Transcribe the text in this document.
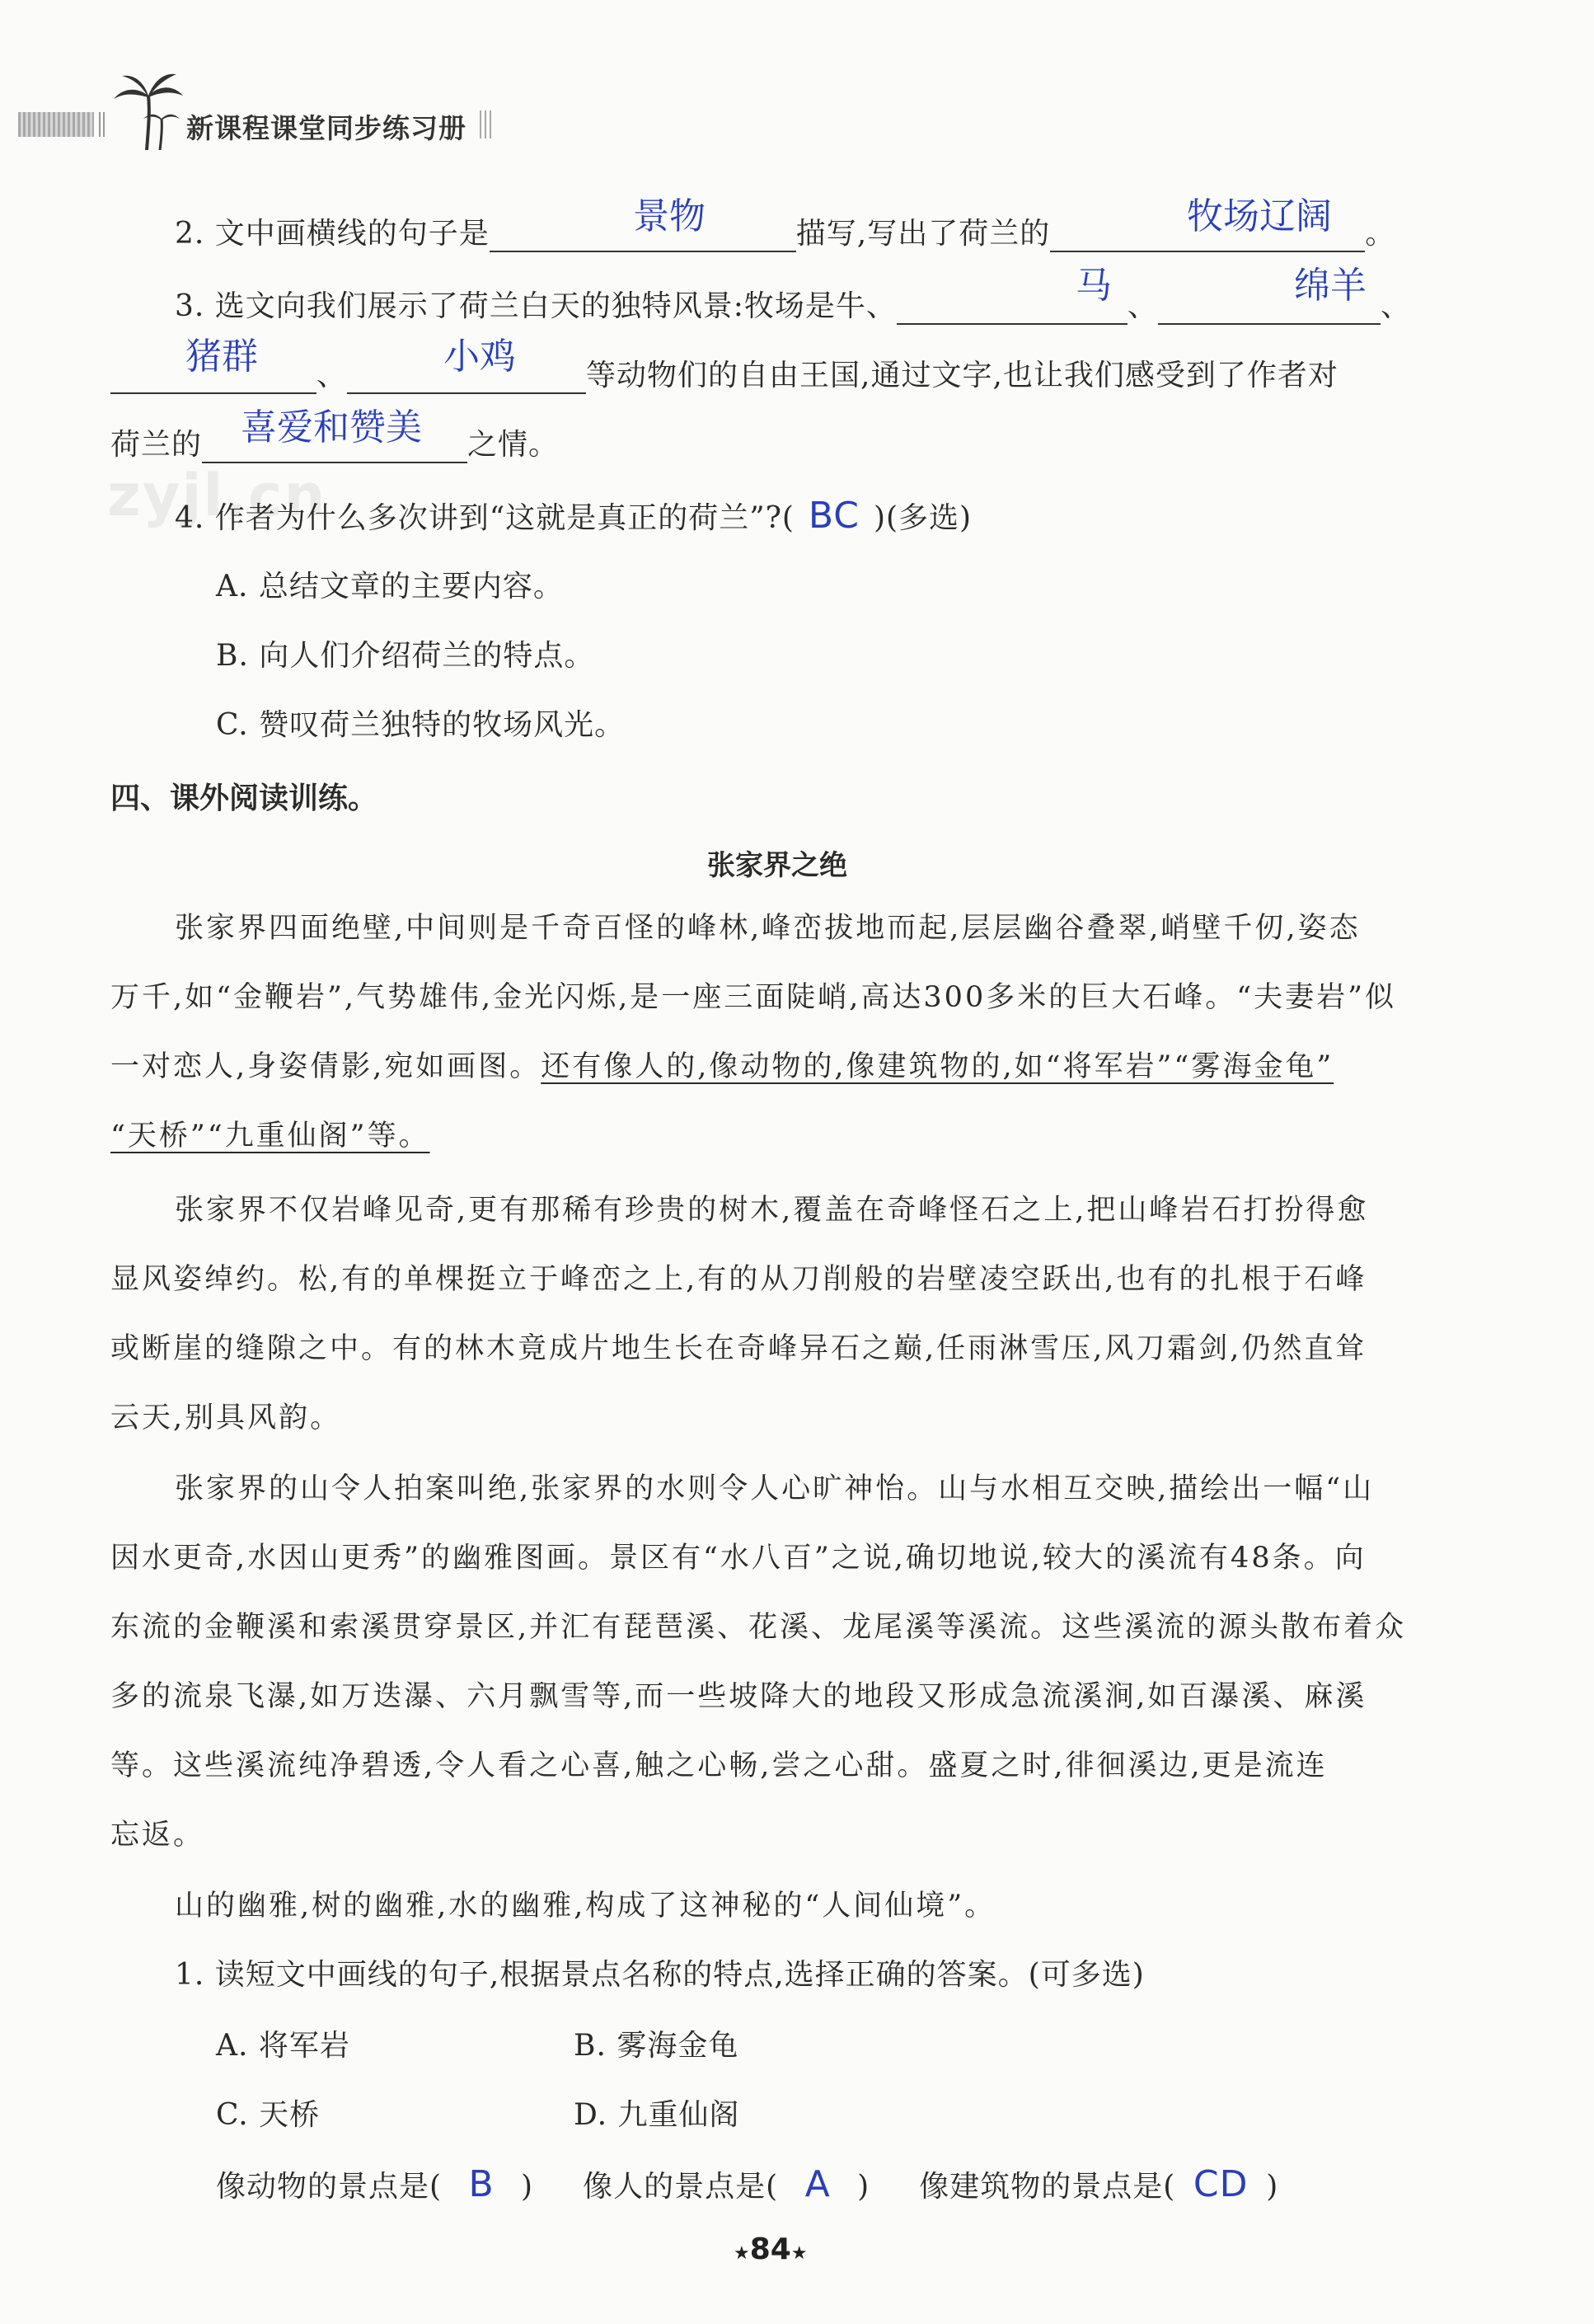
新课程课堂同步练习册
zyjl.cn
2. 文中画横线的句子是	描写,写出了荷兰的	。
景物	牧场辽阔
3. 选文向我们展示了荷兰白天的独特风景:牧场是牛、	、	、
马	绵羊
、	等动物们的自由王国,通过文字,也让我们感受到了作者对
猪群	小鸡
荷兰的	之情。
喜爱和赞美
4. 作者为什么多次讲到“这就是真正的荷兰”?( BC )(多选)
A. 总结文章的主要内容。
B. 向人们介绍荷兰的特点。
C. 赞叹荷兰独特的牧场风光。
四、课外阅读训练。
张家界之绝
张家界四面绝壁,中间则是千奇百怪的峰林,峰峦拔地而起,层层幽谷叠翠,峭壁千仞,姿态
万千,如“金鞭岩”,气势雄伟,金光闪烁,是一座三面陡峭,高达300多米的巨大石峰。“夫妻岩”似
一对恋人,身姿倩影,宛如画图。还有像人的,像动物的,像建筑物的,如“将军岩”“雾海金龟”
“天桥”“九重仙阁”等。
张家界不仅岩峰见奇,更有那稀有珍贵的树木,覆盖在奇峰怪石之上,把山峰岩石打扮得愈
显风姿绰约。松,有的单棵挺立于峰峦之上,有的从刀削般的岩壁凌空跃出,也有的扎根于石峰
或断崖的缝隙之中。有的林木竟成片地生长在奇峰异石之巅,任雨淋雪压,风刀霜剑,仍然直耸
云天,别具风韵。
张家界的山令人拍案叫绝,张家界的水则令人心旷神怡。山与水相互交映,描绘出一幅“山
因水更奇,水因山更秀”的幽雅图画。景区有“水八百”之说,确切地说,较大的溪流有48条。向
东流的金鞭溪和索溪贯穿景区,并汇有琵琶溪、花溪、龙尾溪等溪流。这些溪流的源头散布着众
多的流泉飞瀑,如万迭瀑、六月飘雪等,而一些坡降大的地段又形成急流溪涧,如百瀑溪、麻溪
等。这些溪流纯净碧透,令人看之心喜,触之心畅,尝之心甜。盛夏之时,徘徊溪边,更是流连
忘返。
山的幽雅,树的幽雅,水的幽雅,构成了这神秘的“人间仙境”。
1. 读短文中画线的句子,根据景点名称的特点,选择正确的答案。(可多选)
A. 将军岩	B. 雾海金龟
C. 天桥	D. 九重仙阁
像动物的景点是( B ) 像人的景点是( A ) 像建筑物的景点是( CD )
★84★
